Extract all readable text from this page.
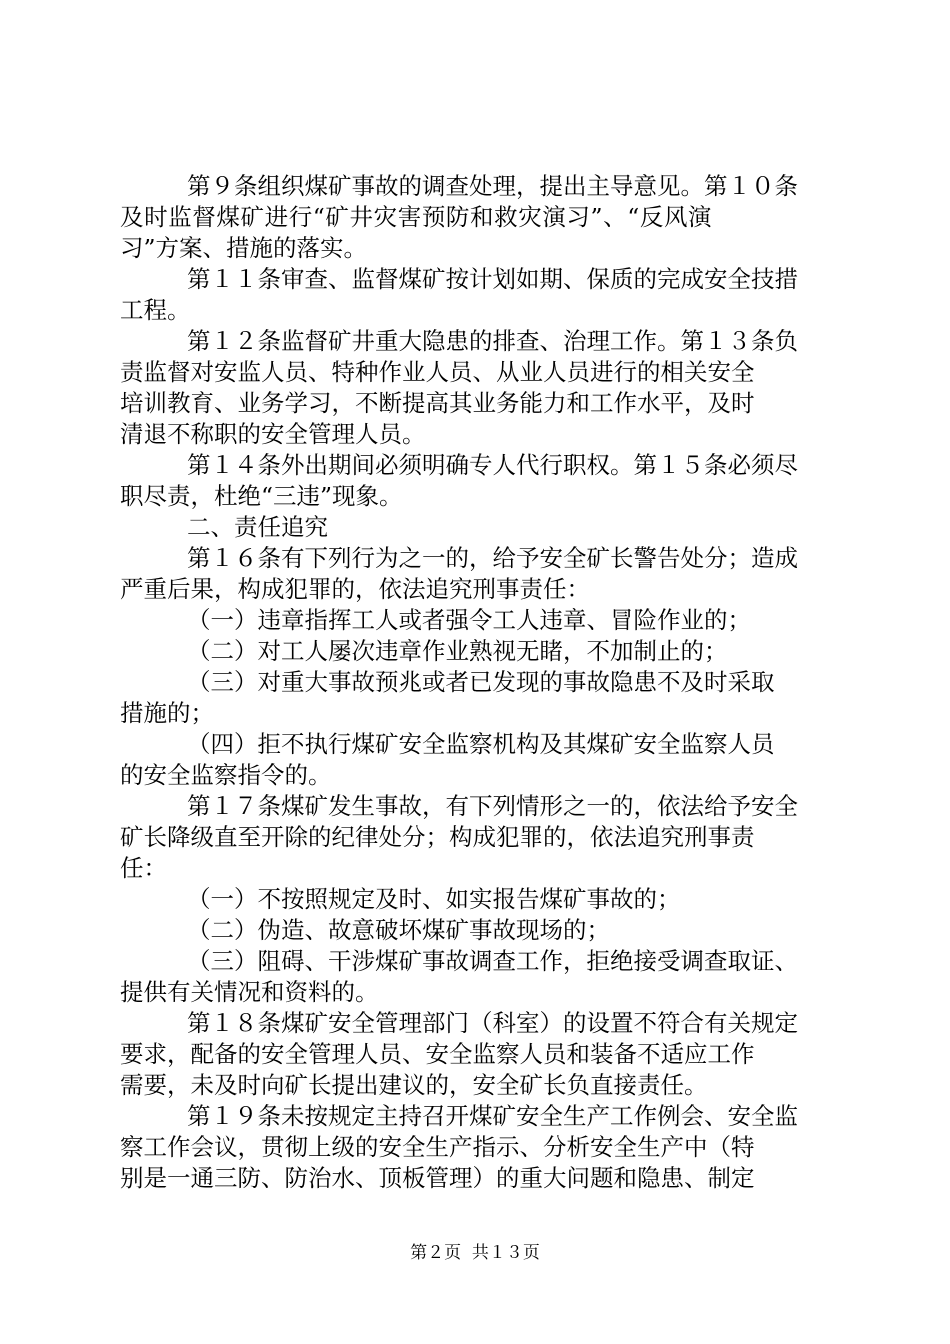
第９条组织煤矿事故的调查处理，提出主导意见。第１０条
及时监督煤矿进行“矿井灾害预防和救灾演习”、“反风演
习”方案、措施的落实。
第１１条审查、监督煤矿按计划如期、保质的完成安全技措
工程。
第１２条监督矿井重大隐患的排查、治理工作。第１３条负
责监督对安监人员、特种作业人员、从业人员进行的相关安全
培训教育、业务学习，不断提高其业务能力和工作水平，及时
清退不称职的安全管理人员。
第１４条外出期间必须明确专人代行职权。第１５条必须尽
职尽责，杜绝“三违”现象。
二、责任追究
第１６条有下列行为之一的，给予安全矿长警告处分；造成
严重后果，构成犯罪的，依法追究刑事责任：
（一）违章指挥工人或者强令工人违章、冒险作业的；
（二）对工人屡次违章作业熟视无睹，不加制止的；
（三）对重大事故预兆或者已发现的事故隐患不及时采取
措施的；
（四）拒不执行煤矿安全监察机构及其煤矿安全监察人员
的安全监察指令的。
第１７条煤矿发生事故，有下列情形之一的，依法给予安全
矿长降级直至开除的纪律处分；构成犯罪的，依法追究刑事责
任：
（一）不按照规定及时、如实报告煤矿事故的；
（二）伪造、故意破坏煤矿事故现场的；
（三）阻碍、干涉煤矿事故调查工作，拒绝接受调查取证、
提供有关情况和资料的。
第１８条煤矿安全管理部门（科室）的设置不符合有关规定
要求，配备的安全管理人员、安全监察人员和装备不适应工作
需要，未及时向矿长提出建议的，安全矿长负直接责任。
第１９条未按规定主持召开煤矿安全生产工作例会、安全监
察工作会议，贯彻上级的安全生产指示、分析安全生产中（特
别是一通三防、防治水、顶板管理）的重大问题和隐患、制定
第２页  共１３页
